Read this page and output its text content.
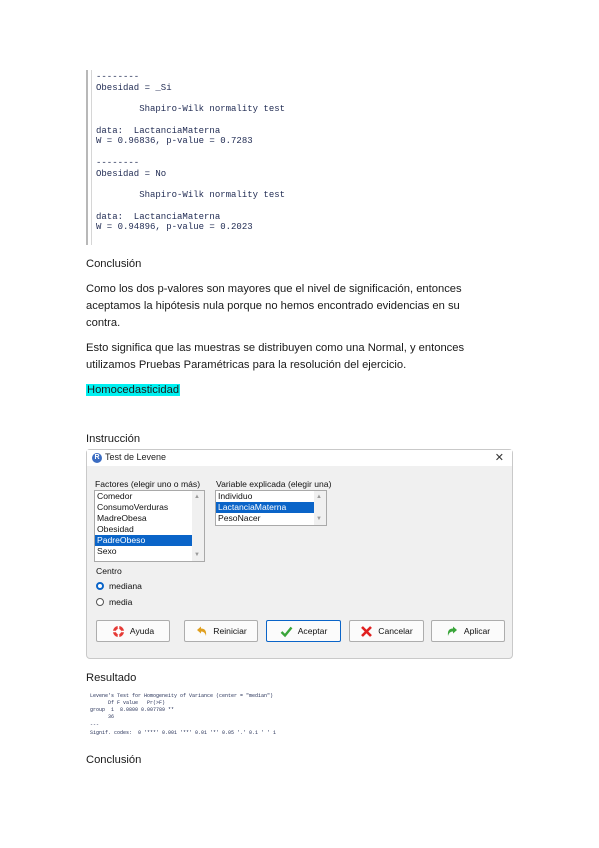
--------
Obesidad = _Si
Shapiro-Wilk normality test
data:  LactanciaMaterna
W = 0.96836, p-value = 0.7283
--------
Obesidad = No
Shapiro-Wilk normality test
data:  LactanciaMaterna
W = 0.94896, p-value = 0.2023
Conclusión
Como los dos p-valores son mayores que el nivel de significación, entonces
aceptamos la hipótesis nula porque no hemos encontrado evidencias en su
contra.
Esto significa que las muestras se distribuyen como una Normal, y entonces
utilizamos Pruebas Paramétricas para la resolución del ejercicio.
Homocedasticidad
Instrucción
R Test de Levene	✕
Factores (elegir uno o más)
Comedor
ConsumoVerduras
MadreObesa
Obesidad
PadreObeso
Sexo
▲
▼
Variable explicada (elegir una)
Individuo
LactanciaMaterna
PesoNacer
▲
▼
Centro
mediana
media
Ayuda	Reiniciar	Aceptar	Cancelar	Aplicar
Resultado
Levene's Test for Homogeneity of Variance (center = "median")
Df F value   Pr(>F)
group  1  8.0800 0.007789 **
36
---
Signif. codes:  0 '***' 0.001 '**' 0.01 '*' 0.05 '.' 0.1 ' ' 1
Conclusión
